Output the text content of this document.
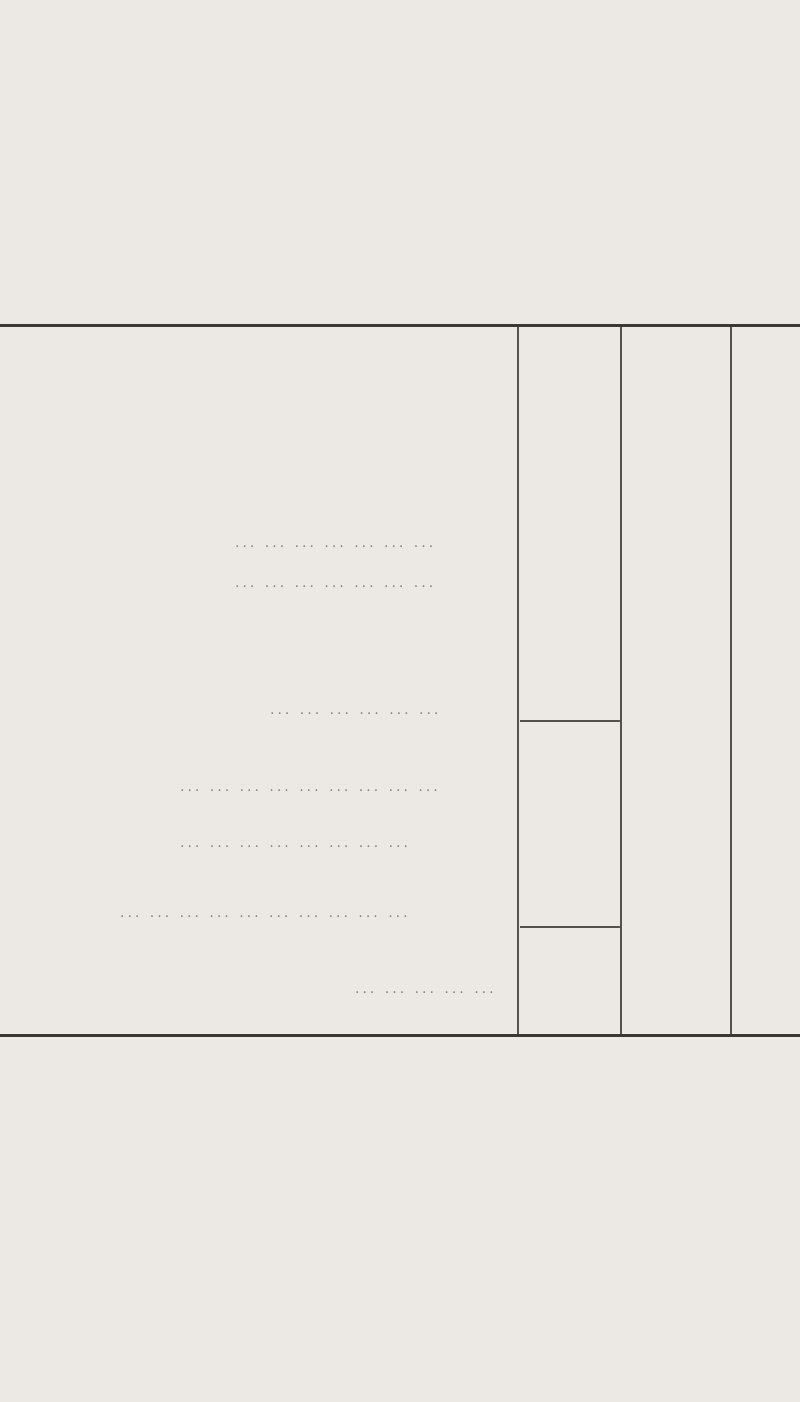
... ... ... ... ... ... ...
... ... ... ... ... ... ...
... ... ... ... ... ...
... ... ... ... ... ... ... ... ...
... ... ... ... ... ... ... ...
... ... ... ... ... ... ... ... ... ...
... ... ... ... ...
